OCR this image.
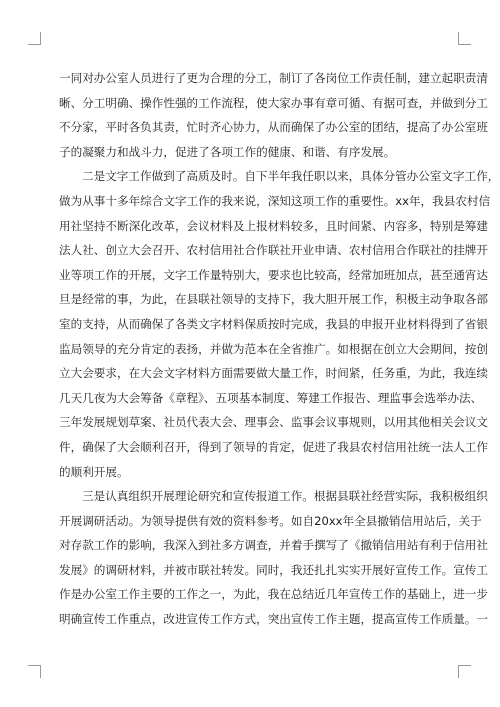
一同对办公室人员进行了更为合理的分工，制订了各岗位工作责任制，建立起职责清
晰、分工明确、操作性强的工作流程，使大家办事有章可循、有据可查，并做到分工
不分家，平时各负其责，忙时齐心协力，从而确保了办公室的团结，提高了办公室班
子的凝聚力和战斗力，促进了各项工作的健康、和谐、有序发展。
二是文字工作做到了高质及时。自下半年我任职以来，具体分管办公室文字工作，
做为从事十多年综合文字工作的我来说，深知这项工作的重要性。xx年，我县农村信
用社坚持不断深化改革，会议材料及上报材料较多，且时间紧、内容多，特别是筹建
法人社、创立大会召开、农村信用社合作联社开业申请、农村信用合作联社的挂牌开
业等项工作的开展，文字工作量特别大，要求也比较高，经常加班加点，甚至通宵达
旦是经常的事，为此，在县联社领导的支持下，我大胆开展工作，积极主动争取各部
室的支持，从而确保了各类文字材料保质按时完成，我县的申报开业材料得到了省银
监局领导的充分肯定的表扬，并做为范本在全省推广。如根据在创立大会期间，按创
立大会要求，在大会文字材料方面需要做大量工作，时间紧，任务重，为此，我连续
几天几夜为大会筹备《章程》、五项基本制度、筹建工作报告、理监事会选举办法、
三年发展规划草案、社员代表大会、理事会、监事会议事规则，以用其他相关会议文
件，确保了大会顺利召开，得到了领导的肯定，促进了我县农村信用社统一法人工作
的顺利开展。
三是认真组织开展理论研究和宣传报道工作。根据县联社经营实际，我积极组织
开展调研活动。为领导提供有效的资料参考。如自20xx年全县撤销信用站后，关于
对存款工作的影响，我深入到社多方调查，并着手撰写了《撤销信用站有利于信用社
发展》的调研材料，并被市联社转发。同时，我还扎扎实实开展好宣传工作。宣传工
作是办公室工作主要的工作之一，为此，我在总结近几年宣传工作的基础上，进一步
明确宣传工作重点，改进宣传工作方式，突出宣传工作主题，提高宣传工作质量。一
